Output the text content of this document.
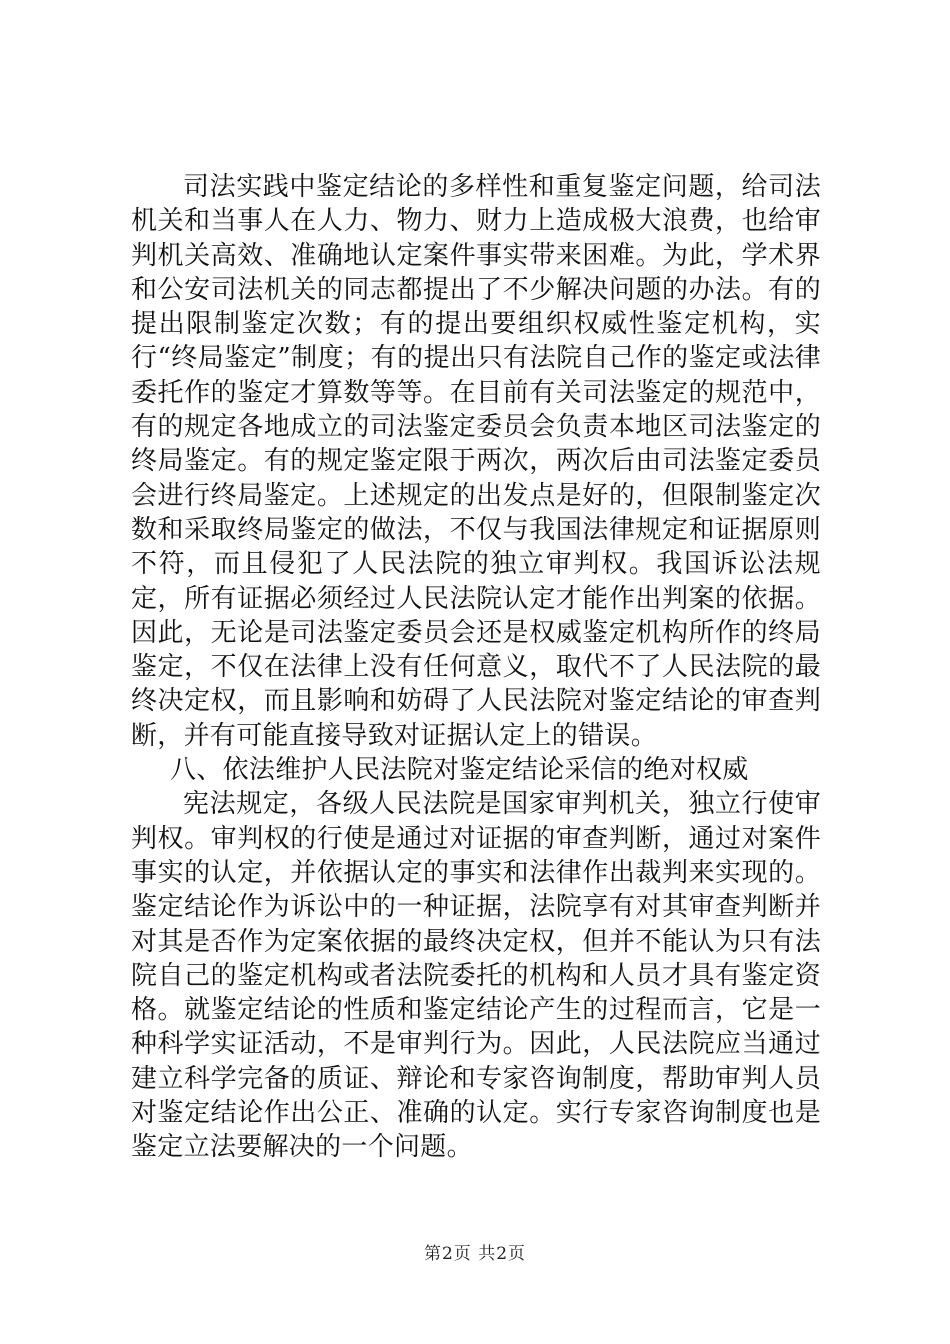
司法实践中鉴定结论的多样性和重复鉴定问题，给司法机关和当事人在人力、物力、财力上造成极大浪费，也给审判机关高效、准确地认定案件事实带来困难。为此，学术界和公安司法机关的同志都提出了不少解决问题的办法。有的提出限制鉴定次数；有的提出要组织权威性鉴定机构，实行“终局鉴定”制度；有的提出只有法院自己作的鉴定或法律委托作的鉴定才算数等等。在目前有关司法鉴定的规范中，有的规定各地成立的司法鉴定委员会负责本地区司法鉴定的终局鉴定。有的规定鉴定限于两次，两次后由司法鉴定委员会进行终局鉴定。上述规定的出发点是好的，但限制鉴定次数和采取终局鉴定的做法，不仅与我国法律规定和证据原则不符，而且侵犯了人民法院的独立审判权。我国诉讼法规定，所有证据必须经过人民法院认定才能作出判案的依据。因此，无论是司法鉴定委员会还是权威鉴定机构所作的终局鉴定，不仅在法律上没有任何意义，取代不了人民法院的最终决定权，而且影响和妨碍了人民法院对鉴定结论的审查判断，并有可能直接导致对证据认定上的错误。

八、依法维护人民法院对鉴定结论采信的绝对权威

宪法规定，各级人民法院是国家审判机关，独立行使审判权。审判权的行使是通过对证据的审查判断，通过对案件事实的认定，并依据认定的事实和法律作出裁判来实现的。鉴定结论作为诉讼中的一种证据，法院享有对其审查判断并对其是否作为定案依据的最终决定权，但并不能认为只有法院自己的鉴定机构或者法院委托的机构和人员才具有鉴定资格。就鉴定结论的性质和鉴定结论产生的过程而言，它是一种科学实证活动，不是审判行为。因此，人民法院应当通过建立科学完备的质证、辩论和专家咨询制度，帮助审判人员对鉴定结论作出公正、准确的认定。实行专家咨询制度也是鉴定立法要解决的一个问题。

第2页 共2页
